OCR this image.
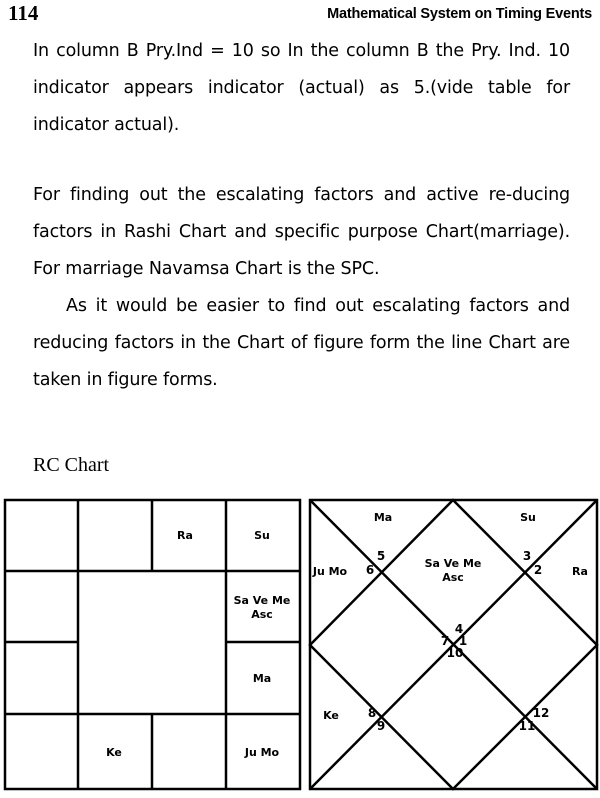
114	Mathematical System on Timing Events

In column B Pry.Ind = 10 so In the column B the Pry. Ind. 10 indicator appears indicator (actual) as 5.(vide table for indicator actual).

For finding out the escalating factors and active re-ducing factors in Rashi Chart and specific purpose Chart(marriage). For marriage Navamsa Chart is the SPC.

As it would be easier to find out escalating factors and reducing factors in the Chart of figure form the line Chart are taken in figure forms.

RC Chart
Ra	Su
Sa Ve Me
Asc
Ma
Ke	Ju Mo
Ma	Su
Ju Mo	Ra
Sa Ve Me
Asc
Ke
4
7 1
10
5
6
3
2
8
9
12
11
